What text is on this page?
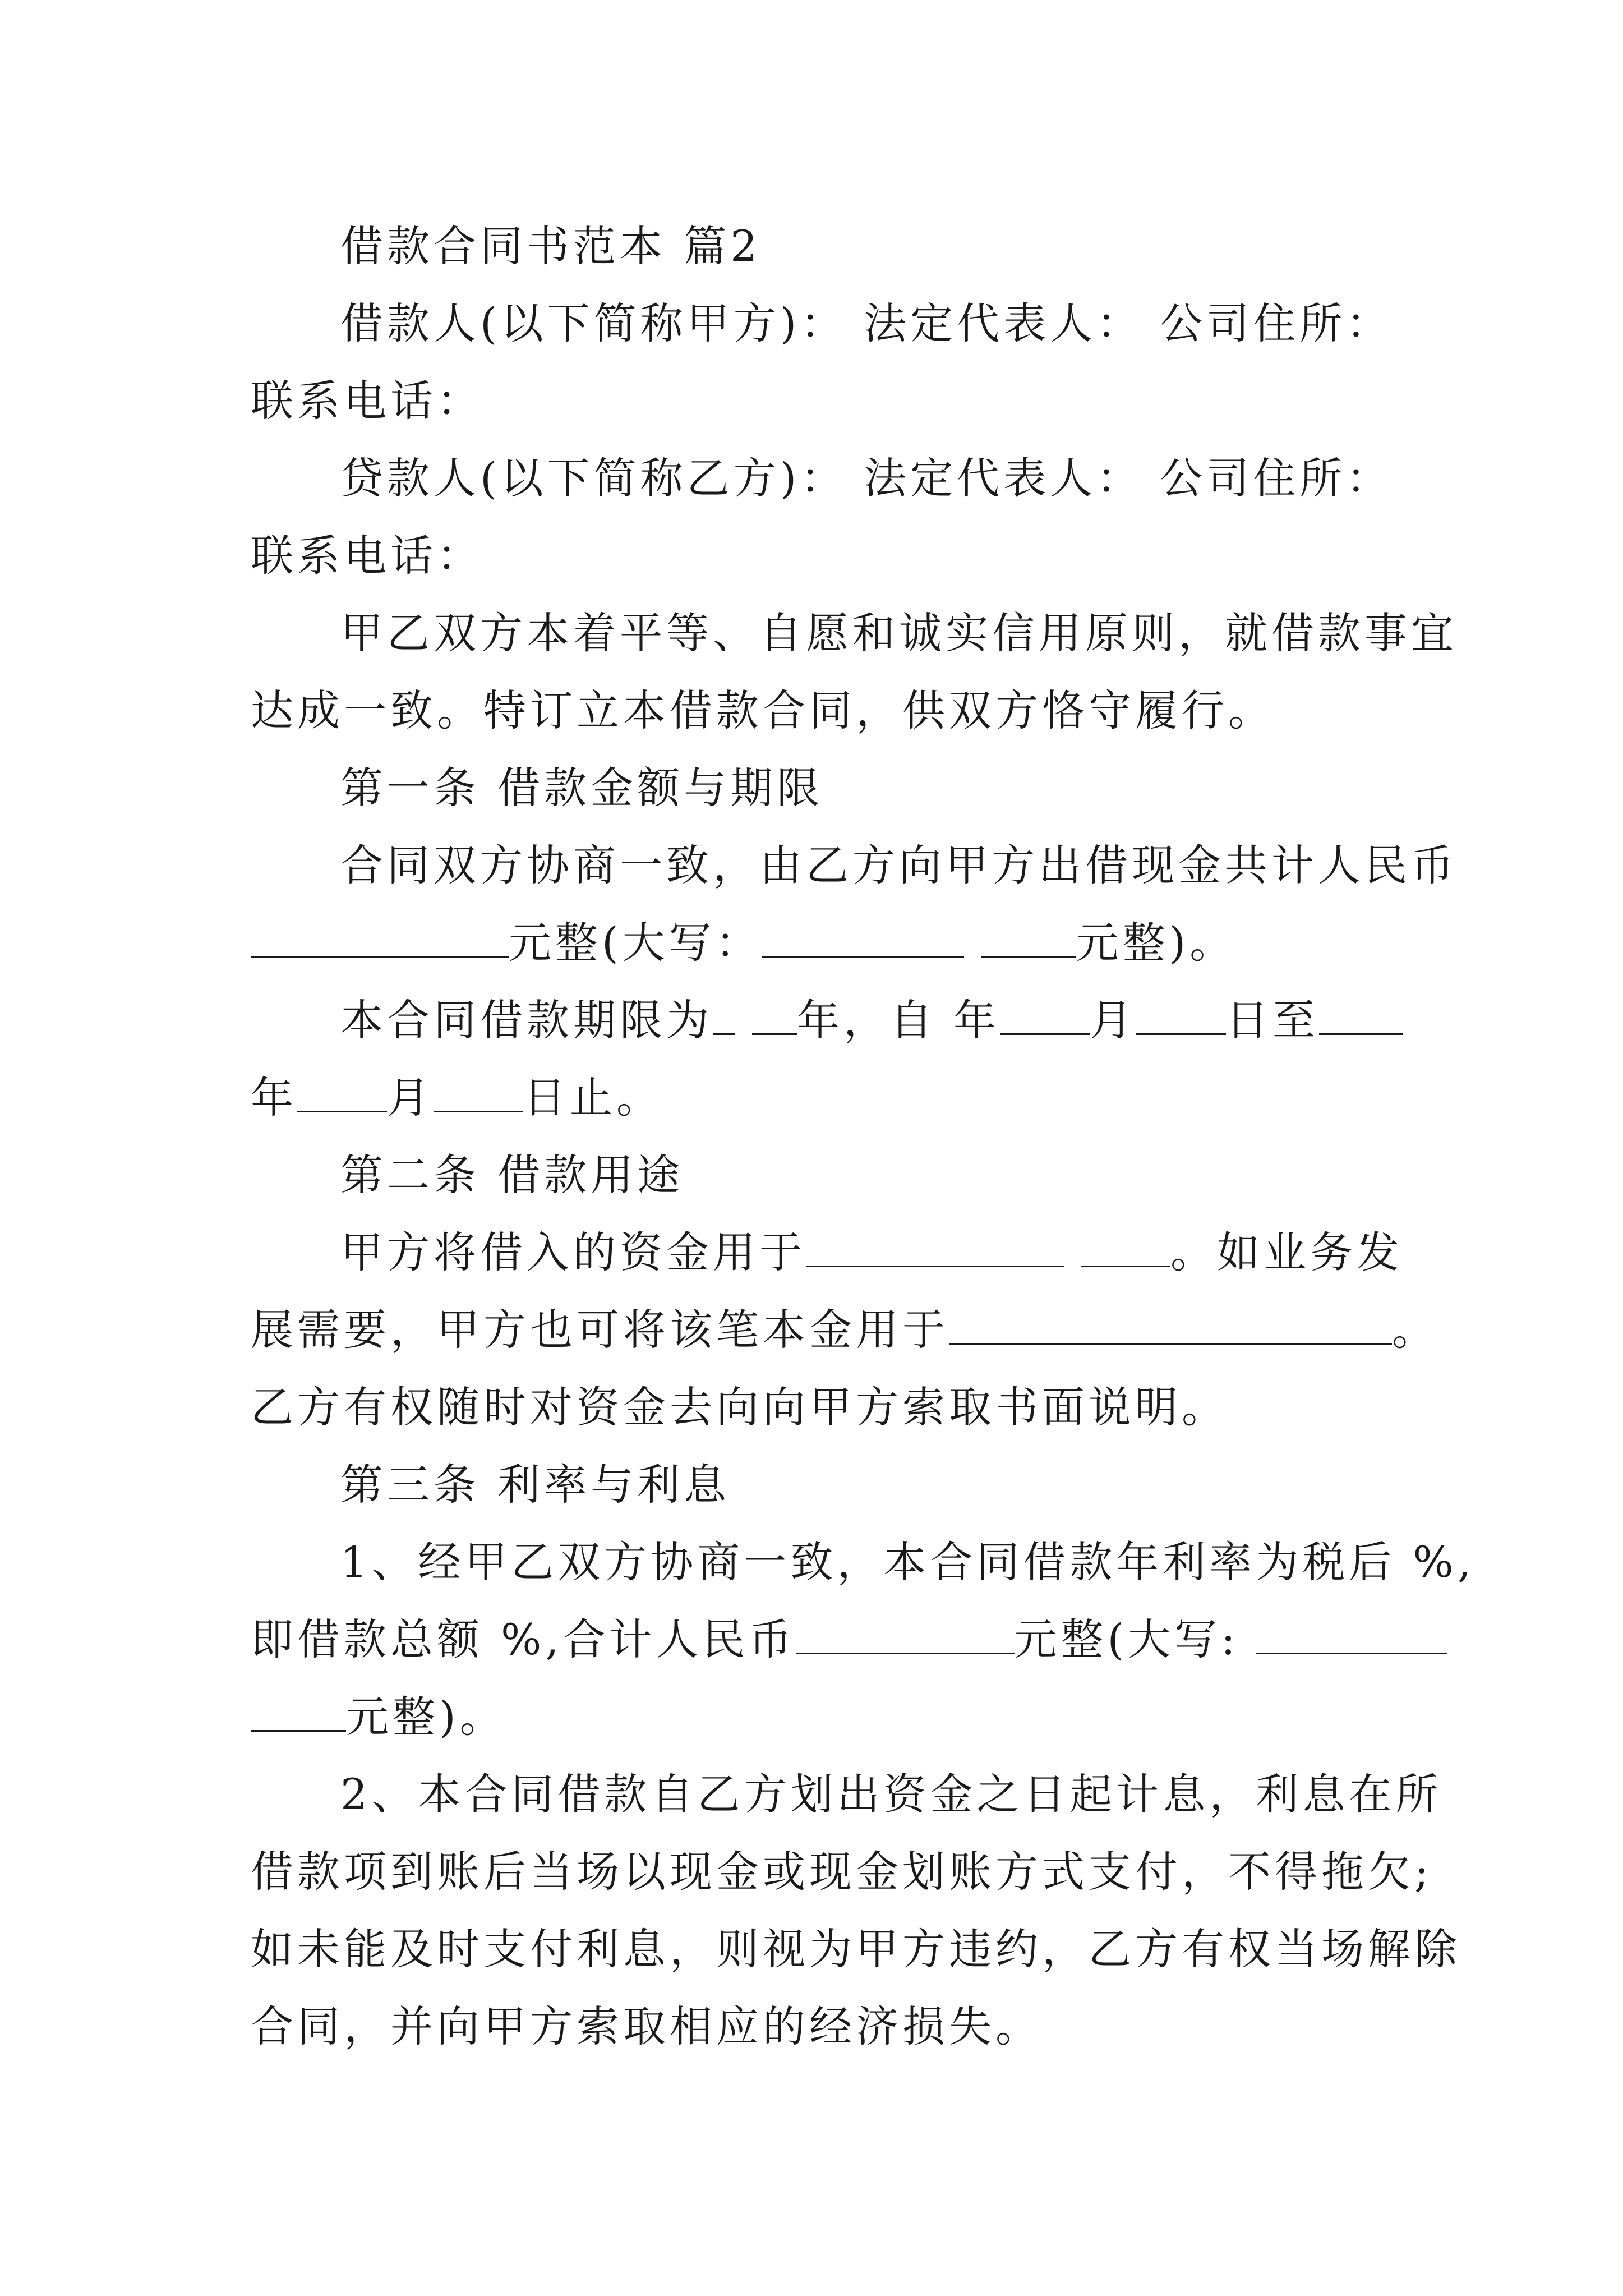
借款合同书范本 篇2
借款人(以下简称甲方)： 法定代表人： 公司住所：
联系电话：
贷款人(以下简称乙方)： 法定代表人： 公司住所：
联系电话：
甲乙双方本着平等、自愿和诚实信用原则，就借款事宜
达成一致。特订立本借款合同，供双方恪守履行。
第一条 借款金额与期限
合同双方协商一致，由乙方向甲方出借现金共计人民币
元整(大写：	元整)。
本合同借款期限为 年，自 年 月 日至
年 月 日止。
第二条 借款用途
甲方将借入的资金用于	。如业务发
展需要，甲方也可将该笔本金用于	。
乙方有权随时对资金去向向甲方索取书面说明。
第三条 利率与利息
1、经甲乙双方协商一致，本合同借款年利率为税后 %,
即借款总额 %,合计人民币	元整(大写:
元整)。
2、本合同借款自乙方划出资金之日起计息，利息在所
借款项到账后当场以现金或现金划账方式支付，不得拖欠;
如未能及时支付利息，则视为甲方违约，乙方有权当场解除
合同，并向甲方索取相应的经济损失。
